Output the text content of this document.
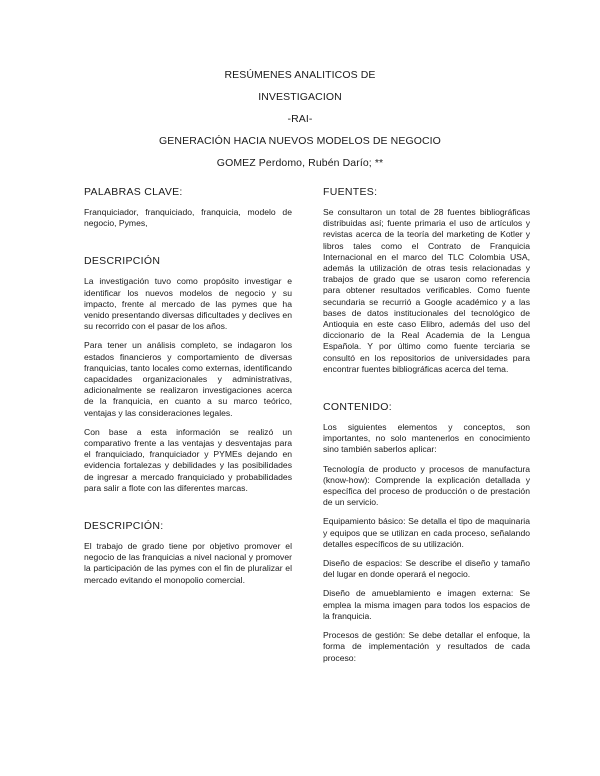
RESÚMENES ANALITICOS DE

INVESTIGACION

-RAI-

GENERACIÓN HACIA NUEVOS MODELOS DE NEGOCIO

GOMEZ Perdomo, Rubén Darío; **

PALABRAS CLAVE:

Franquiciador, franquiciado, franquicia, modelo de negocio, Pymes,

DESCRIPCIÓN

La investigación tuvo como propósito investigar e identificar los nuevos modelos de negocio y su impacto, frente al mercado de las pymes que ha venido presentando diversas dificultades y declives en su recorrido con el pasar de los años.

Para tener un análisis completo, se indagaron los estados financieros y comportamiento de diversas franquicias, tanto locales como externas, identificando capacidades organizacionales y administrativas, adicionalmente se realizaron investigaciones acerca de la franquicia, en cuanto a su marco teórico, ventajas y las consideraciones legales.

Con base a esta información se realizó un comparativo frente a las ventajas y desventajas para el franquiciado, franquiciador y PYMEs dejando en evidencia fortalezas y debilidades y las posibilidades de ingresar a mercado franquiciado y probabilidades para salir a flote con las diferentes marcas.

DESCRIPCIÓN:

El trabajo de grado tiene por objetivo promover el negocio de las franquicias a nivel nacional y promover la participación de las pymes con el fin de pluralizar el mercado evitando el monopolio comercial.

FUENTES:

Se consultaron un total de 28 fuentes bibliográficas distribuidas así; fuente primaria el uso de artículos y revistas acerca de la teoría del marketing de Kotler y libros tales como el Contrato de Franquicia Internacional en el marco del TLC Colombia USA, además la utilización de otras tesis relacionadas y trabajos de grado que se usaron como referencia para obtener resultados verificables. Como fuente secundaria se recurrió a Google académico y a las bases de datos institucionales del tecnológico de Antioquia en este caso Elibro, además del uso del diccionario de la Real Academia de la Lengua Española. Y por último como fuente terciaria se consultó en los repositorios de universidades para encontrar fuentes bibliográficas acerca del tema.

CONTENIDO:

Los siguientes elementos y conceptos, son importantes, no solo mantenerlos en conocimiento sino también saberlos aplicar:

Tecnología de producto y procesos de manufactura (know-how): Comprende la explicación detallada y específica del proceso de producción o de prestación de un servicio.

Equipamiento básico: Se detalla el tipo de maquinaria y equipos que se utilizan en cada proceso, señalando detalles específicos de su utilización.

Diseño de espacios: Se describe el diseño y tamaño del lugar en donde operará el negocio.

Diseño de amueblamiento e imagen externa: Se emplea la misma imagen para todos los espacios de la franquicia.

Procesos de gestión: Se debe detallar el enfoque, la forma de implementación y resultados de cada proceso:
